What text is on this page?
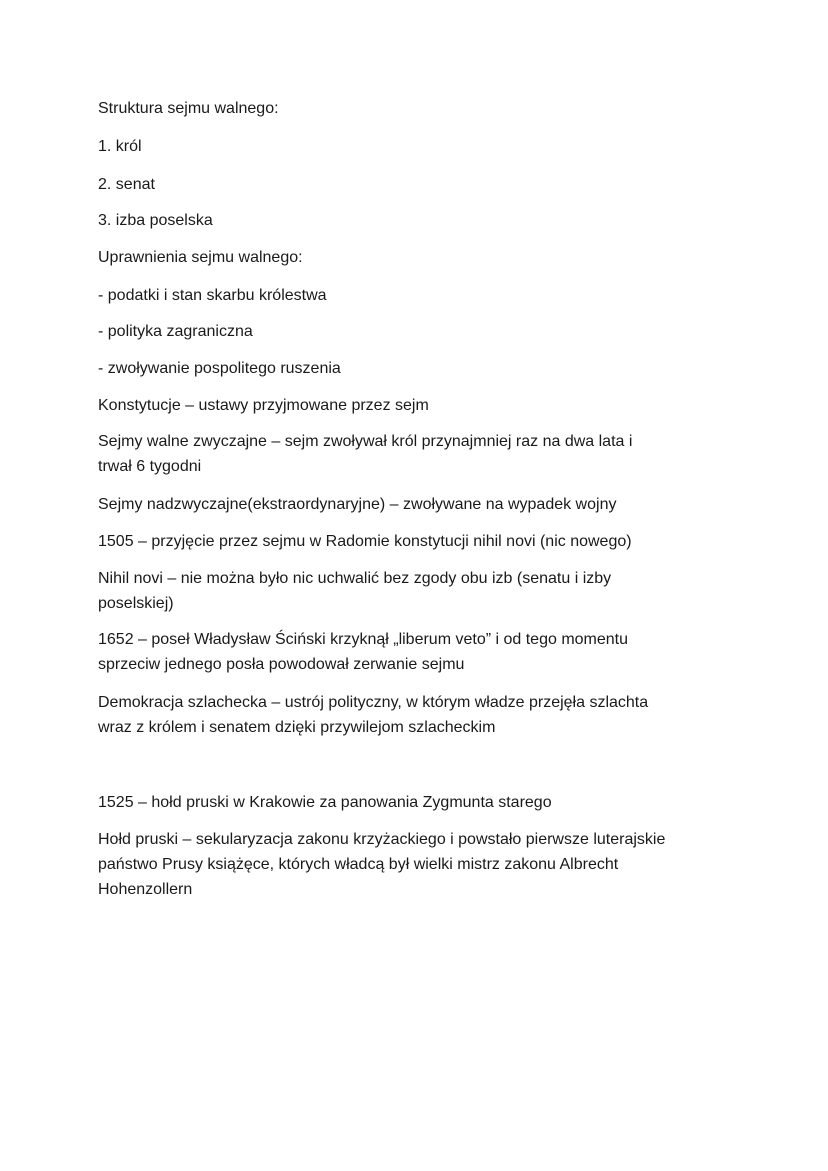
Struktura sejmu walnego:
1. król
2. senat
3. izba poselska
Uprawnienia sejmu walnego:
- podatki i stan skarbu królestwa
- polityka zagraniczna
- zwoływanie pospolitego ruszenia
Konstytucje – ustawy przyjmowane przez sejm
Sejmy walne zwyczajne – sejm zwoływał król przynajmniej raz na dwa lata i
trwał 6 tygodni
Sejmy nadzwyczajne(ekstraordynaryjne) – zwoływane na wypadek wojny
1505 – przyjęcie przez sejmu w Radomie konstytucji nihil novi (nic nowego)
Nihil novi – nie można było nic uchwalić bez zgody obu izb (senatu i izby
poselskiej)
1652 – poseł Władysław Ściński krzyknął „liberum veto” i od tego momentu
sprzeciw jednego posła powodował zerwanie sejmu
Demokracja szlachecka – ustrój polityczny, w którym władze przejęła szlachta
wraz z królem i senatem dzięki przywilejom szlacheckim
1525 – hołd pruski w Krakowie za panowania Zygmunta starego
Hołd pruski – sekularyzacja zakonu krzyżackiego i powstało pierwsze luterajskie
państwo Prusy książęce, których władcą był wielki mistrz zakonu Albrecht
Hohenzollern
